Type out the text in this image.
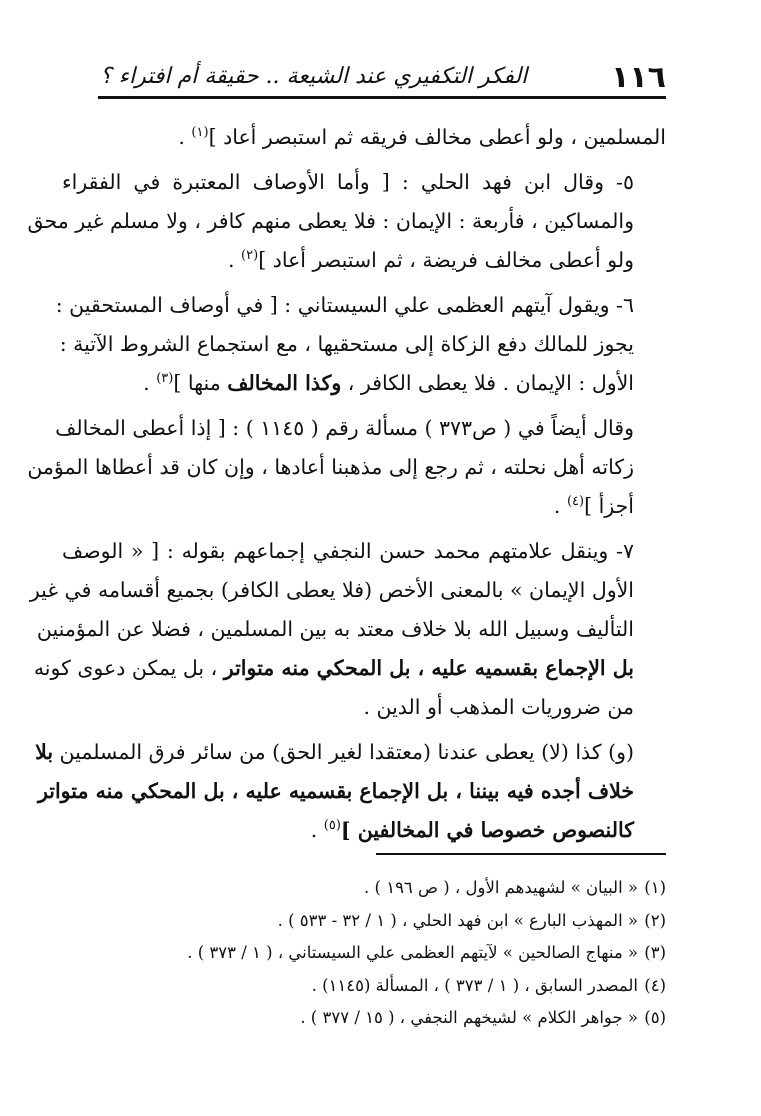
١١٦
الفكر التكفيري عند الشيعة .. حقيقة أم افتراء ؟

المسلمين ، ولو أعطى مخالف فريقه ثم استبصر أعاد ]$^{(١)}$ .

٥- وقال ابن فهد الحلي : [ وأما الأوصاف المعتبرة في الفقراء
والمساكين ، فأربعة : الإيمان : فلا يعطى منهم كافر ، ولا مسلم غير محق
ولو أعطى مخالف فريضة ، ثم استبصر أعاد ]$^{(٢)}$ .

٦- ويقول آيتهم العظمى علي السيستاني : [ في أوصاف المستحقين :
يجوز للمالك دفع الزكاة إلى مستحقيها ، مع استجماع الشروط الآتية :
الأول : الإيمان . فلا يعطى الكافر ، وكذا المخالف منها ]$^{(٣)}$ .

وقال أيضاً في ( ص٣٧٣ ) مسألة رقم ( ١١٤٥ ) : [ إذا أعطى المخالف
زكاته أهل نحلته ، ثم رجع إلى مذهبنا أعادها ، وإن كان قد أعطاها المؤمن
أجزأ ]$^{(٤)}$ .

٧- وينقل علامتهم محمد حسن النجفي إجماعهم بقوله : [ « الوصف
الأول الإيمان » بالمعنى الأخص (فلا يعطى الكافر) بجميع أقسامه في غير
التأليف وسبيل الله بلا خلاف معتد به بين المسلمين ، فضلا عن المؤمنين
بل الإجماع بقسميه عليه ، بل المحكي منه متواتر ، بل يمكن دعوى كونه
من ضروريات المذهب أو الدين .

(و) كذا (لا) يعطى عندنا (معتقدا لغير الحق) من سائر فرق المسلمين بلا
خلاف أجده فيه بيننا ، بل الإجماع بقسميه عليه ، بل المحكي منه متواتر
كالنصوص خصوصا في المخالفين ]$^{(٥)}$ .

(١)
« البيان » لشهيدهم الأول ، ( ص ١٩٦ ) .
(٢)
« المهذب البارع » ابن فهد الحلي ، ( ١ / ٣٢ - ٥٣٣ ) .
(٣)
« منهاج الصالحين » لآيتهم العظمى علي السيستاني ، ( ١ / ٣٧٣ ) .
(٤)
المصدر السابق ، ( ١ / ٣٧٣ ) ، المسألة (١١٤٥) .
(٥)
« جواهر الكلام » لشيخهم النجفي ، ( ١٥ / ٣٧٧ ) .
